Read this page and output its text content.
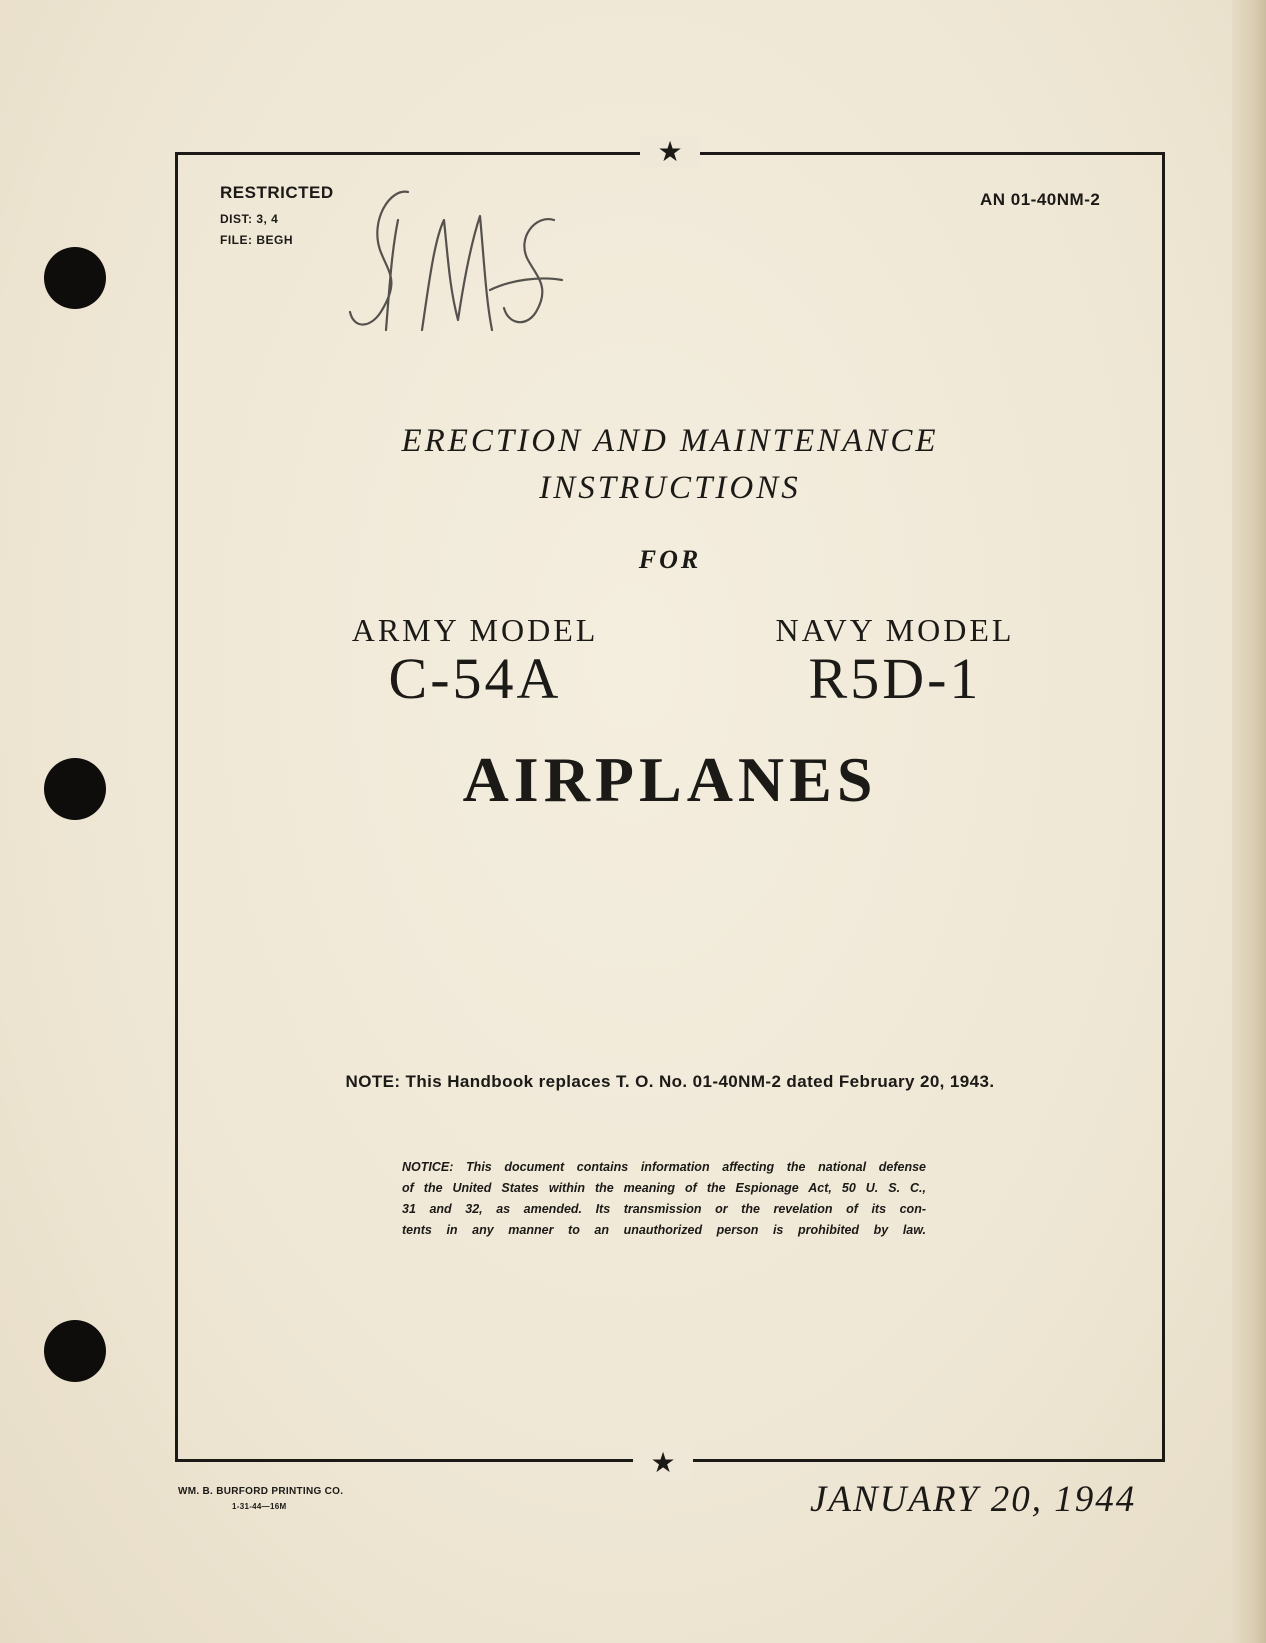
★
★
RESTRICTED
DIST: 3, 4
FILE: BEGH
AN 01-40NM-2
ERECTION AND MAINTENANCE
INSTRUCTIONS
FOR
ARMY MODEL
C-54A
NAVY MODEL
R5D-1
AIRPLANES
NOTE: This Handbook replaces T. O. No. 01-40NM-2 dated February 20, 1943.
NOTICE: This document contains information affecting the national defense
of the United States within the meaning of the Espionage Act, 50 U. S. C.,
31 and 32, as amended. Its transmission or the revelation of its con-
tents in any manner to an unauthorized person is prohibited by law.
WM. B. BURFORD PRINTING CO.
1-31-44—16M	JANUARY 20, 1944
